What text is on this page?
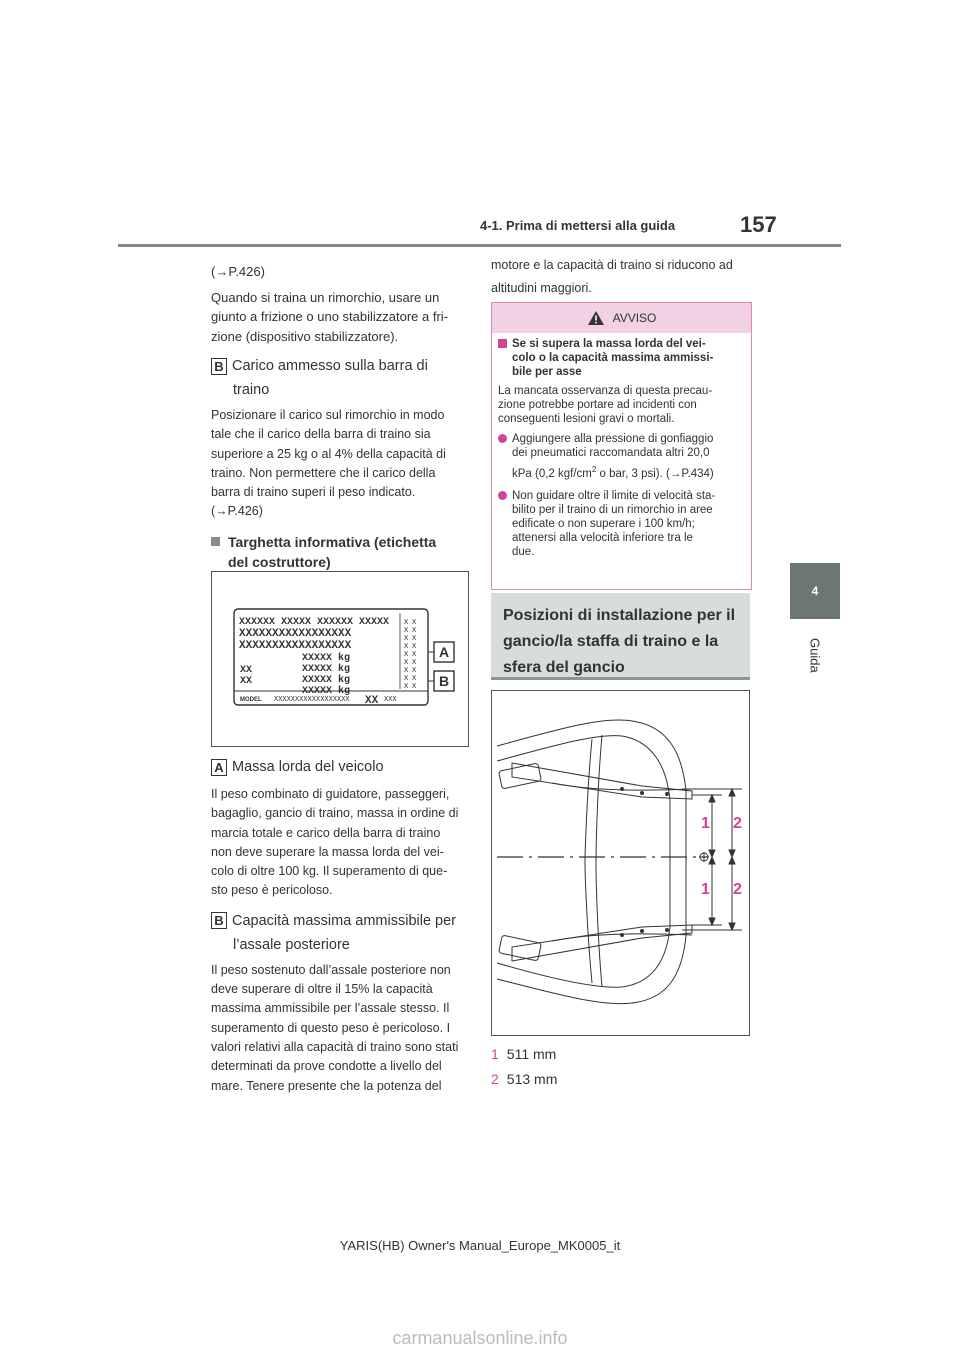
4-1. Prima di mettersi alla guida	157
4
Guida
(→P.426)
Quando si traina un rimorchio, usare un
giunto a frizione o uno stabilizzatore a fri-
zione (dispositivo stabilizzatore).
B Carico ammesso sulla barra di
traino
Posizionare il carico sul rimorchio in modo
tale che il carico della barra di traino sia
superiore a 25 kg o al 4% della capacità di
traino. Non permettere che il carico della
barra di traino superi il peso indicato.
(→P.426)
Targhetta informativa (etichetta
del costruttore)
XXXXXX XXXXX XXXXXX XXXXX
XXXXXXXXXXXXXXXXX
XXXXXXXXXXXXXXXXX
XXXXX kg
XXXXX kg
XXXXX kg
XXXXX kg
XX
XX
MODEL XXXXXXXXXXXXXXXXXX XX XXX
X
X
X
X
X
X
X
X
X
X
X
X
X
X
X
X
X
X
A
B
A Massa lorda del veicolo
Il peso combinato di guidatore, passeggeri,
bagaglio, gancio di traino, massa in ordine di
marcia totale e carico della barra di traino
non deve superare la massa lorda del vei-
colo di oltre 100 kg. Il superamento di que-
sto peso è pericoloso.
B Capacità massima ammissibile per
l’assale posteriore
Il peso sostenuto dall’assale posteriore non
deve superare di oltre il 15% la capacità
massima ammissibile per l’assale stesso. Il
superamento di questo peso è pericoloso. I
valori relativi alla capacità di traino sono stati
determinati da prove condotte a livello del
mare. Tenere presente che la potenza del
motore e la capacità di traino si riducono ad
altitudini maggiori.
AVVISO
Se si supera la massa lorda del vei-
colo o la capacità massima ammissi-
bile per asse
La mancata osservanza di questa precau-
zione potrebbe portare ad incidenti con
conseguenti lesioni gravi o mortali.
Aggiungere alla pressione di gonfiaggio
dei pneumatici raccomandata altri 20,0
kPa (0,2 kgf/$cm^2$ o bar, 3 psi). (→P.434)
Non guidare oltre il limite di velocità sta-
bilito per il traino di un rimorchio in aree
edificate o non superare i 100 km/h;
attenersi alla velocità inferiore tra le
due.
Posizioni di installazione per il
gancio/la staffa di traino e la
sfera del gancio
1 2
1 2
1 511 mm
2 513 mm
YARIS(HB) Owner's Manual_Europe_MK0005_it
carmanualsonline.info
